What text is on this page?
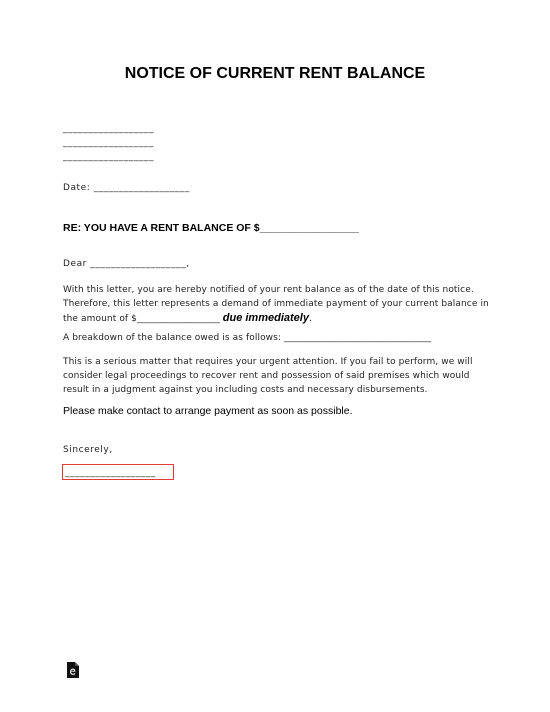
NOTICE OF CURRENT RENT BALANCE
__________________
__________________
__________________
Date: ___________________
RE: YOU HAVE A RENT BALANCE OF $_________________
Dear ___________________,

With this letter, you are hereby notified of your rent balance as of the date of this notice. Therefore, this letter represents a demand of immediate payment of your current balance in the amount of $__________________ due immediately.

A breakdown of the balance owed is as follows: ________________________________

This is a serious matter that requires your urgent attention. If you fail to perform, we will consider legal proceedings to recover rent and possession of said premises which would result in a judgment against you including costs and necessary disbursements.

Please make contact to arrange payment as soon as possible.
Sincerely,
__________________
